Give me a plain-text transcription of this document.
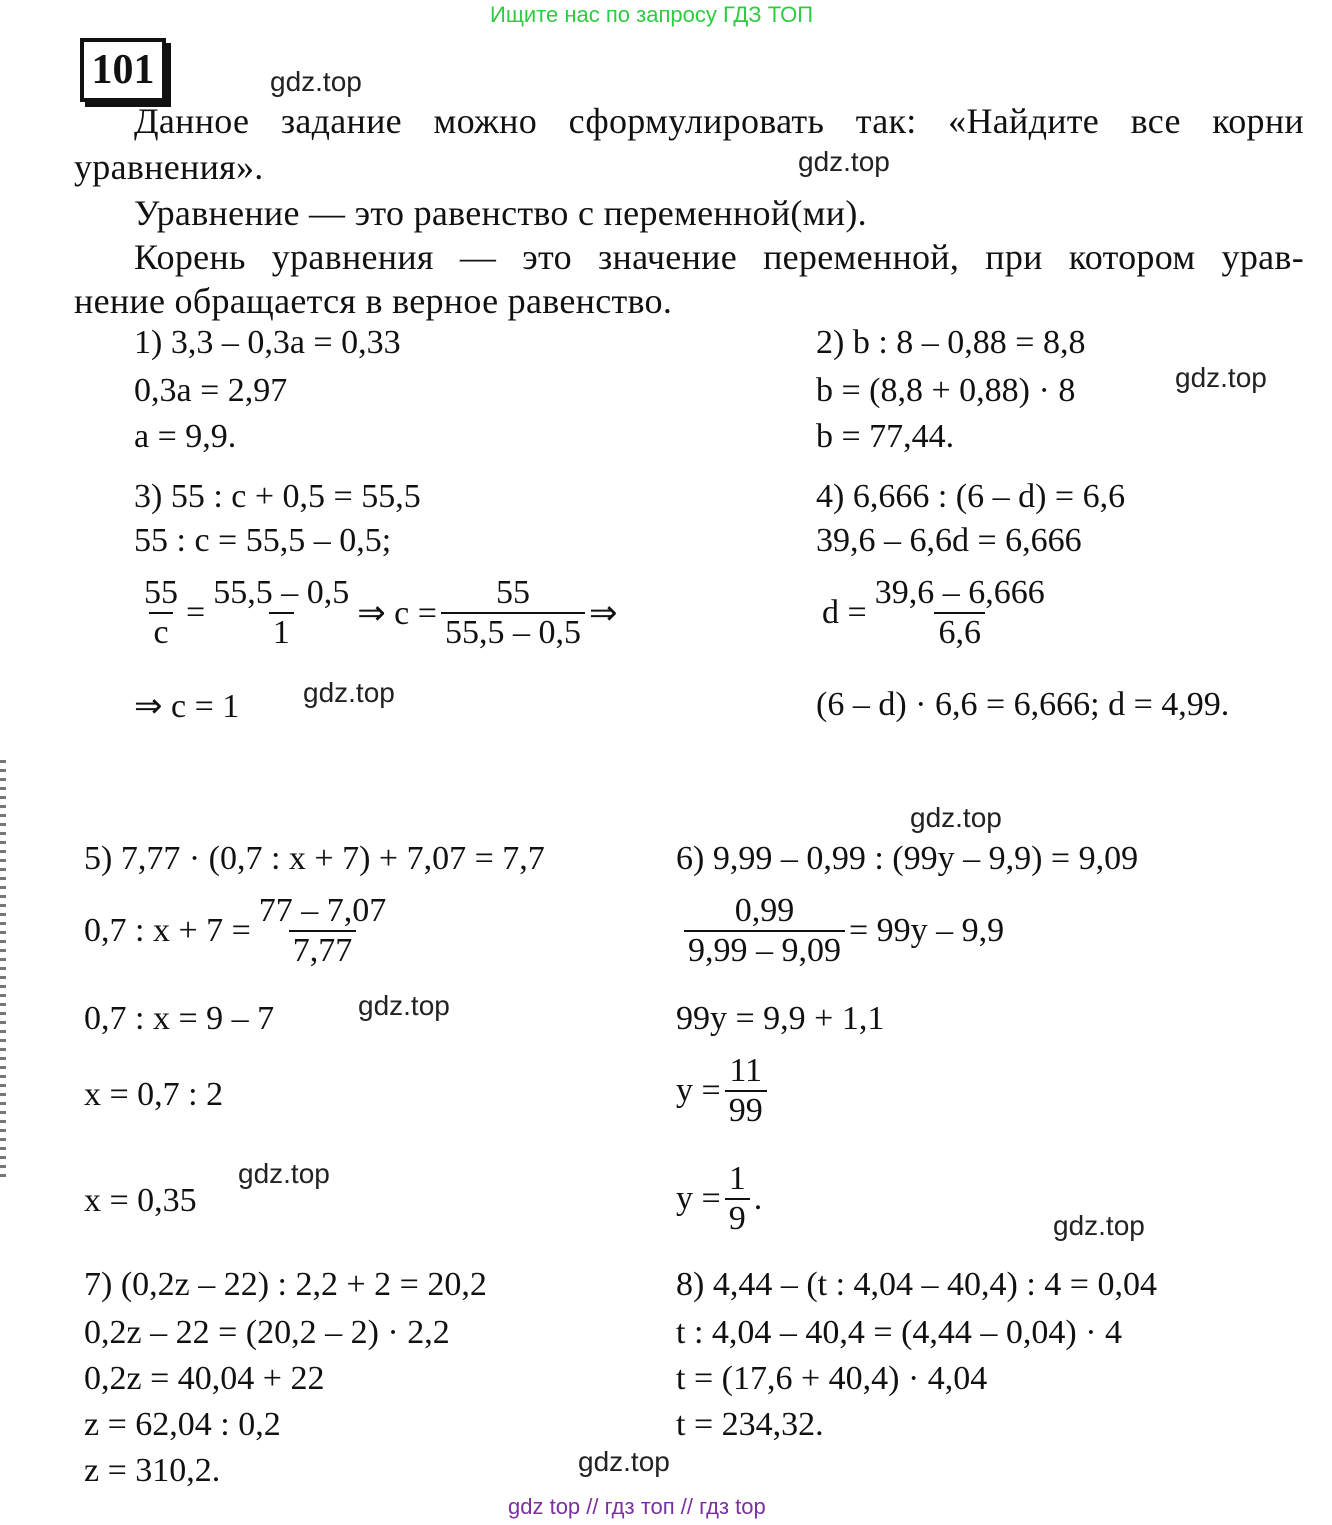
Ищите нас по запросу ГДЗ ТОП
101	gdz.top
gdz.top
gdz.top
gdz.top
gdz.top
gdz.top
gdz.top
gdz.top
gdz.top
Данное задание можно сформулировать так: «Найдите все корни
уравнения».
Уравнение — это равенство с переменной(ми).
Корень уравнения — это значение переменной, при котором урав-
нение обращается в верное равенство.
1) 3,3 – 0,3a = 0,33
0,3a = 2,97
a = 9,9.
2) b : 8 – 0,88 = 8,8
b = (8,8 + 0,88) · 8
b = 77,44.
3) 55 : c + 0,5 = 55,5
55 : c = 55,5 – 0,5;
$\frac{55}{c} = \frac{55,5 - 0,5}{1}$ ⇒ $c = \frac{55}{55,5 - 0,5}$ ⇒
⇒ c = 1
4) 6,666 : (6 – d) = 6,6
39,6 – 6,6d = 6,666
$d = \frac{39,6 - 6,666}{6,6}$
(6 – d) · 6,6 = 6,666; d = 4,99.
5) 7,77 · (0,7 : x + 7) + 7,07 = 7,7
0,7 : $x + 7 = \frac{77 - 7,07}{7,77}$
0,7 : x = 9 – 7
x = 0,7 : 2
x = 0,35
6) 9,99 – 0,99 : (99y – 9,9) = 9,09
$\frac{0,99}{9,99 - 9,09} = 99y - 9,9$
99y = 9,9 + 1,1
$y = \frac{11}{99}$
$y = \frac{1}{9}$ .
7) (0,2z – 22) : 2,2 + 2 = 20,2
0,2z – 22 = (20,2 – 2) · 2,2
0,2z = 40,04 + 22
z = 62,04 : 0,2
z = 310,2.
8) 4,44 – (t : 4,04 – 40,4) : 4 = 0,04
t : 4,04 – 40,4 = (4,44 – 0,04) · 4
t = (17,6 + 40,4) · 4,04
t = 234,32.
gdz top // гдз топ // гдз top
